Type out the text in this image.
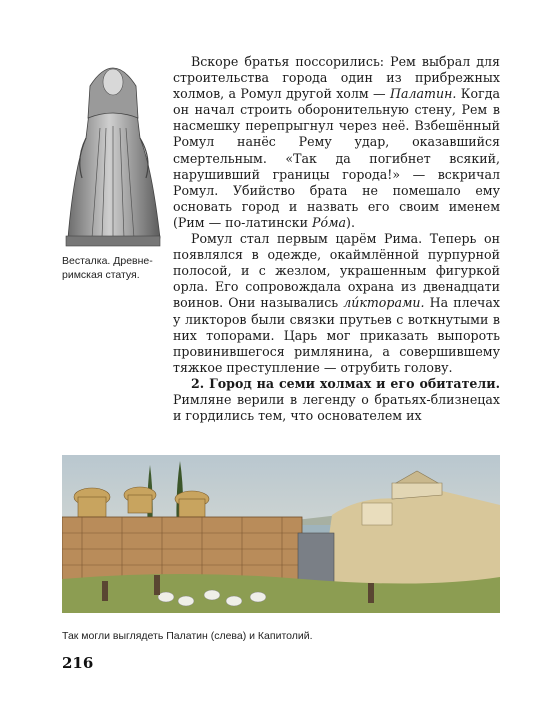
Весталка. Древне-римская статуя.

Вскоре братья поссорились: Рем выбрал для строительства города один из прибрежных холмов, а Ромул другой холм — Палатин. Когда он начал строить оборонительную стену, Рем в насмешку перепрыгнул через неё. Взбешённый Ромул нанёс Рему удар, оказавшийся смертельным. «Так да погибнет всякий, нарушивший границы города!» — вскричал Ромул. Убийство брата не помешало ему основать город и назвать его своим именем (Рим — по-латински Рóма).

Ромул стал первым царём Рима. Теперь он появлялся в одежде, окаймлённой пурпурной полосой, и с жезлом, украшенным фигуркой орла. Его сопровождала охрана из двенадцати воинов. Они назывались ли́кторами. На плечах у ликторов были связки прутьев с воткнутыми в них топорами. Царь мог приказать выпороть провинившегося римлянина, а совершившему тяжкое преступление — отрубить голову.

2. Город на семи холмах и его обитатели. Римляне верили в легенду о братьях-близнецах и гордились тем, что основателем их

Так могли выглядеть Палатин (слева) и Капитолий.
216
